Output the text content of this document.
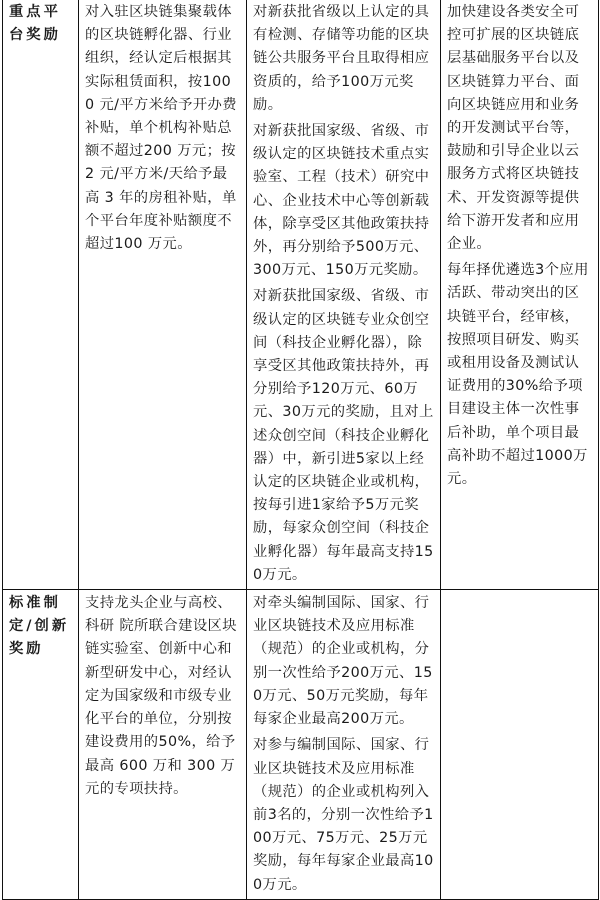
重点平台奖励	对入驻区块链集聚载体的区块链孵化器、行业组织，经认定后根据其实际租赁面积，按1000 元/平方米给予开办费补贴，单个机构补贴总额不超过200 万元；按 2 元/平方米/天给予最高 3 年的房租补贴，单个平台年度补贴额度不超过100 万元。	对新获批省级以上认定的具有检测、存储等功能的区块链公共服务平台且取得相应资质的，给予100万元奖励。
对新获批国家级、省级、市级认定的区块链技术重点实验室、工程（技术）研究中心、企业技术中心等创新载体，除享受区其他政策扶持外，再分别给予500万元、300万元、150万元奖励。
对新获批国家级、省级、市级认定的区块链专业众创空间（科技企业孵化器），除享受区其他政策扶持外，再分别给予120万元、60万元、30万元的奖励，且对上述众创空间（科技企业孵化器）中，新引进5家以上经认定的区块链企业或机构，按每引进1家给予5万元奖励，每家众创空间（科技企业孵化器）每年最高支持150万元。	加快建设各类安全可控可扩展的区块链底层基础服务平台以及区块链算力平台、面向区块链应用和业务的开发测试平台等，鼓励和引导企业以云服务方式将区块链技术、开发资源等提供给下游开发者和应用企业。
每年择优遴选3个应用活跃、带动突出的区块链平台，经审核，按照项目研发、购买或租用设备及测试认证费用的30%给予项目建设主体一次性事后补助，单个项目最高补助不超过1000万元。

标准制定/创新奖励	支持龙头企业与高校、科研 院所联合建设区块链实验室、创新中心和新型研发中心，对经认定为国家级和市级专业化平台的单位，分别按建设费用的50%，给予最高 600 万和 300 万元的专项扶持。	对牵头编制国际、国家、行业区块链技术及应用标准（规范）的企业或机构，分别一次性给予200万元、150万元、50万元奖励，每年每家企业最高200万元。
对参与编制国际、国家、行业区块链技术及应用标准（规范）的企业或机构列入前3名的，分别一次性给予100万元、75万元、25万元奖励，每年每家企业最高100万元。	
